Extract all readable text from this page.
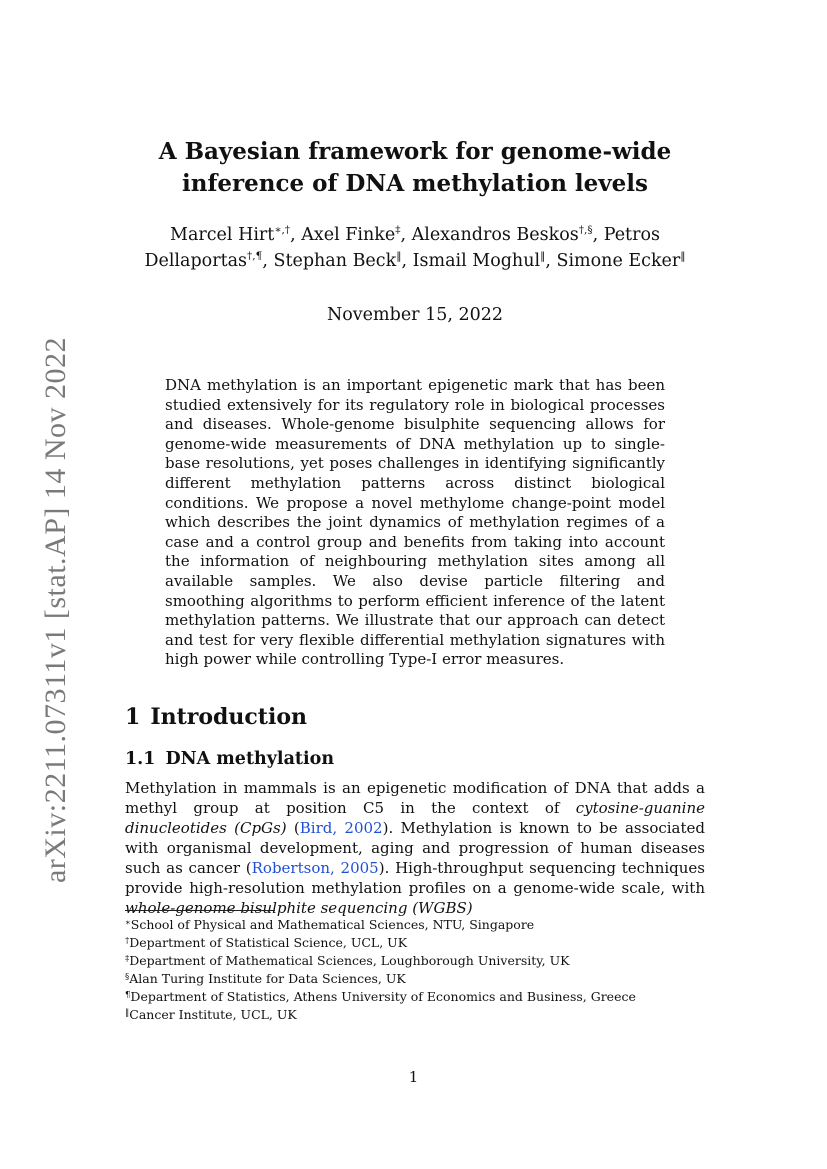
arXiv:2211.07311v1 [stat.AP] 14 Nov 2022
A Bayesian framework for genome-wide
inference of DNA methylation levels
Marcel Hirt∗,†, Axel Finke‡, Alexandros Beskos†,§, Petros
Dellaportas†,¶, Stephan Beck‖, Ismail Moghul‖, Simone Ecker‖
November 15, 2022

DNA methylation is an important epigenetic mark that has been studied extensively for its regulatory role in biological processes and diseases. Whole-genome bisulphite sequencing allows for genome-wide measurements of DNA methylation up to single-base resolutions, yet poses challenges in identifying significantly different methylation patterns across distinct biological conditions. We propose a novel methylome change-point model which describes the joint dynamics of methylation regimes of a case and a control group and benefits from taking into account the information of neighbouring methylation sites among all available samples. We also devise particle filtering and smoothing algorithms to perform efficient inference of the latent methylation patterns. We illustrate that our approach can detect and test for very flexible differential methylation signatures with high power while controlling Type-I error measures.

1 Introduction
1.1 DNA methylation

Methylation in mammals is an epigenetic modification of DNA that adds a methyl group at position C5 in the context of cytosine-guanine dinucleotides (CpGs) (Bird, 2002). Methylation is known to be associated with organismal development, aging and progression of human diseases such as cancer (Robertson, 2005). High-throughput sequencing techniques provide high-resolution methylation profiles on a genome-wide scale, with whole-genome bisulphite sequencing (WGBS)

∗School of Physical and Mathematical Sciences, NTU, Singapore
†Department of Statistical Science, UCL, UK
‡Department of Mathematical Sciences, Loughborough University, UK
§Alan Turing Institute for Data Sciences, UK
¶Department of Statistics, Athens University of Economics and Business, Greece
‖Cancer Institute, UCL, UK
1
